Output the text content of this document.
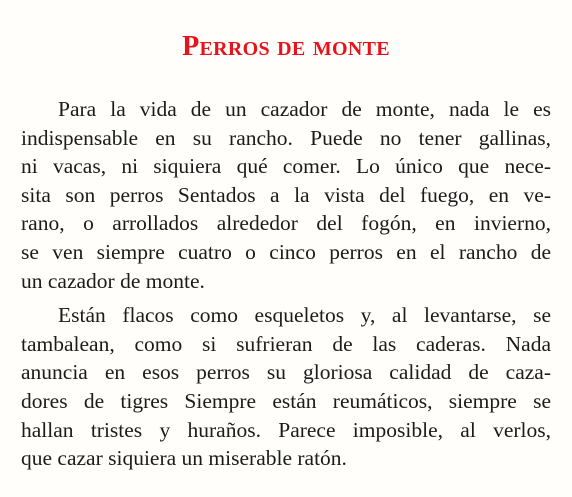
Perros de monte
Para la vida de un cazador de monte, nada le es
indispensable en su rancho. Puede no tener gallinas,
ni vacas, ni siquiera qué comer. Lo único que nece-
sita son perros Sentados a la vista del fuego, en ve-
rano, o arrollados alrededor del fogón, en invierno,
se ven siempre cuatro o cinco perros en el rancho de
un cazador de monte.
Están flacos como esqueletos y, al levantarse, se
tambalean, como si sufrieran de las caderas. Nada
anuncia en esos perros su gloriosa calidad de caza-
dores de tigres Siempre están reumáticos, siempre se
hallan tristes y huraños. Parece imposible, al verlos,
que cazar siquiera un miserable ratón.
